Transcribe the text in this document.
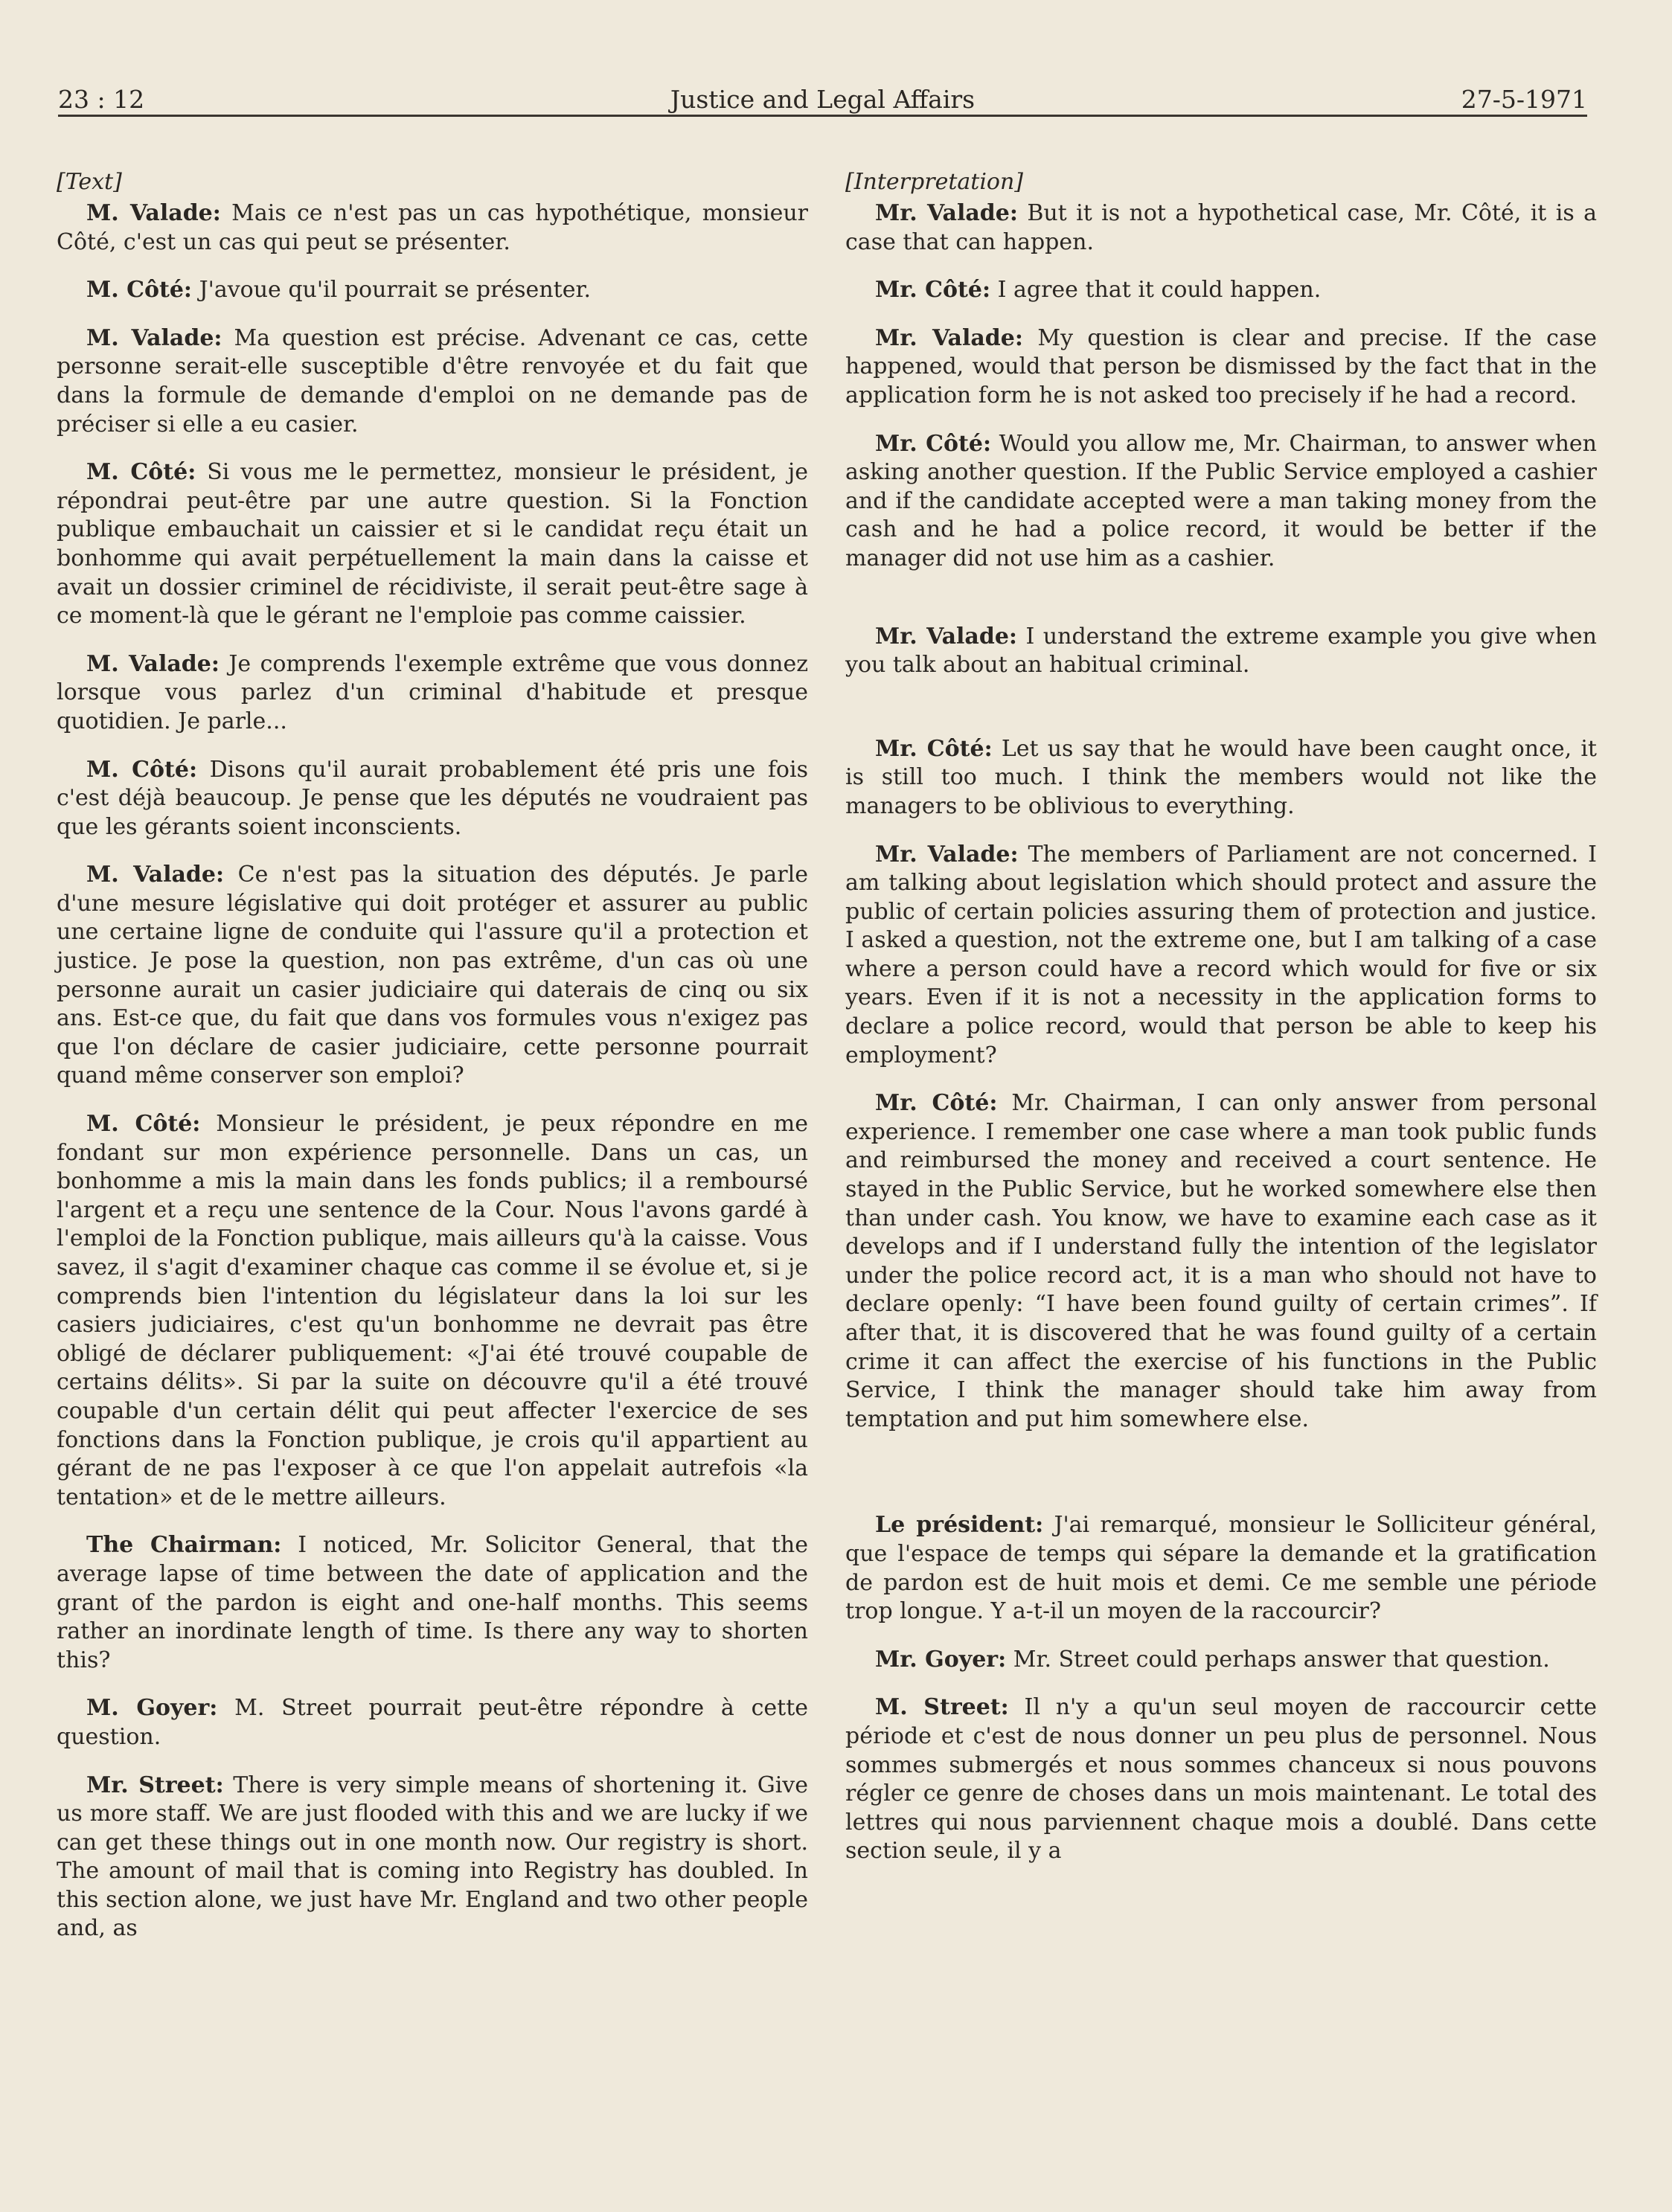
23 : 12	Justice and Legal Affairs	27-5-1971
[Text]

M. Valade: Mais ce n'est pas un cas hypothétique, monsieur Côté, c'est un cas qui peut se présenter.

M. Côté: J'avoue qu'il pourrait se présenter.

M. Valade: Ma question est précise. Advenant ce cas, cette personne serait-elle susceptible d'être renvoyée et du fait que dans la formule de demande d'emploi on ne demande pas de préciser si elle a eu casier.

M. Côté: Si vous me le permettez, monsieur le président, je répondrai peut-être par une autre question. Si la Fonction publique embauchait un caissier et si le candidat reçu était un bonhomme qui avait perpétuellement la main dans la caisse et avait un dossier criminel de récidiviste, il serait peut-être sage à ce moment-là que le gérant ne l'emploie pas comme caissier.

M. Valade: Je comprends l'exemple extrême que vous donnez lorsque vous parlez d'un criminal d'habitude et presque quotidien. Je parle...

M. Côté: Disons qu'il aurait probablement été pris une fois c'est déjà beaucoup. Je pense que les députés ne voudraient pas que les gérants soient inconscients.

M. Valade: Ce n'est pas la situation des députés. Je parle d'une mesure législative qui doit protéger et assurer au public une certaine ligne de conduite qui l'assure qu'il a protection et justice. Je pose la question, non pas extrême, d'un cas où une personne aurait un casier judiciaire qui daterais de cinq ou six ans. Est-ce que, du fait que dans vos formules vous n'exigez pas que l'on déclare de casier judiciaire, cette personne pourrait quand même conserver son emploi?

M. Côté: Monsieur le président, je peux répondre en me fondant sur mon expérience personnelle. Dans un cas, un bonhomme a mis la main dans les fonds publics; il a remboursé l'argent et a reçu une sentence de la Cour. Nous l'avons gardé à l'emploi de la Fonction publique, mais ailleurs qu'à la caisse. Vous savez, il s'agit d'examiner chaque cas comme il se évolue et, si je comprends bien l'intention du législateur dans la loi sur les casiers judiciaires, c'est qu'un bonhomme ne devrait pas être obligé de déclarer publiquement: «J'ai été trouvé coupable de certains délits». Si par la suite on découvre qu'il a été trouvé coupable d'un certain délit qui peut affecter l'exercice de ses fonctions dans la Fonction publique, je crois qu'il appartient au gérant de ne pas l'exposer à ce que l'on appelait autrefois «la tentation» et de le mettre ailleurs.

The Chairman: I noticed, Mr. Solicitor General, that the average lapse of time between the date of application and the grant of the pardon is eight and one-half months. This seems rather an inordinate length of time. Is there any way to shorten this?

M. Goyer: M. Street pourrait peut-être répondre à cette question.

Mr. Street: There is very simple means of shortening it. Give us more staff. We are just flooded with this and we are lucky if we can get these things out in one month now. Our registry is short. The amount of mail that is coming into Registry has doubled. In this section alone, we just have Mr. England and two other people and, as

[Interpretation]

Mr. Valade: But it is not a hypothetical case, Mr. Côté, it is a case that can happen.

Mr. Côté: I agree that it could happen.

Mr. Valade: My question is clear and precise. If the case happened, would that person be dismissed by the fact that in the application form he is not asked too precisely if he had a record.

Mr. Côté: Would you allow me, Mr. Chairman, to answer when asking another question. If the Public Service employed a cashier and if the candidate accepted were a man taking money from the cash and he had a police record, it would be better if the manager did not use him as a cashier.

Mr. Valade: I understand the extreme example you give when you talk about an habitual criminal.

Mr. Côté: Let us say that he would have been caught once, it is still too much. I think the members would not like the managers to be oblivious to everything.

Mr. Valade: The members of Parliament are not concerned. I am talking about legislation which should protect and assure the public of certain policies assuring them of protection and justice. I asked a question, not the extreme one, but I am talking of a case where a person could have a record which would for five or six years. Even if it is not a necessity in the application forms to declare a police record, would that person be able to keep his employment?

Mr. Côté: Mr. Chairman, I can only answer from personal experience. I remember one case where a man took public funds and reimbursed the money and received a court sentence. He stayed in the Public Service, but he worked somewhere else then than under cash. You know, we have to examine each case as it develops and if I understand fully the intention of the legislator under the police record act, it is a man who should not have to declare openly: “I have been found guilty of certain crimes”. If after that, it is discovered that he was found guilty of a certain crime it can affect the exercise of his functions in the Public Service, I think the manager should take him away from temptation and put him somewhere else.

Le président: J'ai remarqué, monsieur le Solliciteur général, que l'espace de temps qui sépare la demande et la gratification de pardon est de huit mois et demi. Ce me semble une période trop longue. Y a-t-il un moyen de la raccourcir?

Mr. Goyer: Mr. Street could perhaps answer that question.

M. Street: Il n'y a qu'un seul moyen de raccourcir cette période et c'est de nous donner un peu plus de personnel. Nous sommes submergés et nous sommes chanceux si nous pouvons régler ce genre de choses dans un mois maintenant. Le total des lettres qui nous parviennent chaque mois a doublé. Dans cette section seule, il y a
